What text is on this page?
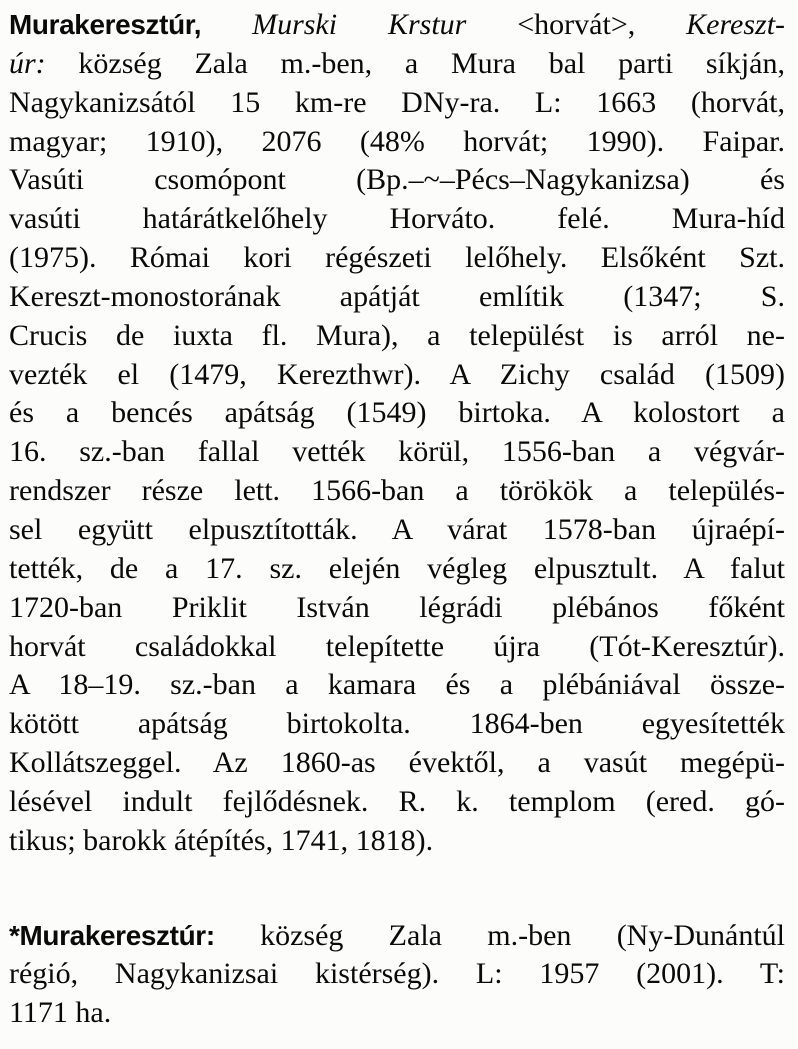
Murakeresztúr, Murski Krstur <horvát>, Kereszt-
úr: község Zala m.-ben, a Mura bal parti síkján,
Nagykanizsától 15 km-re DNy-ra. L: 1663 (horvát,
magyar; 1910), 2076 (48% horvát; 1990). Faipar.
Vasúti csomópont (Bp.–~–Pécs–Nagykanizsa) és
vasúti határátkelőhely Horváto. felé. Mura-híd
(1975). Római kori régészeti lelőhely. Elsőként Szt.
Kereszt-monostorának apátját említik (1347; S.
Crucis de iuxta fl. Mura), a települést is arról ne-
vezték el (1479, Kerezthwr). A Zichy család (1509)
és a bencés apátság (1549) birtoka. A kolostort a
16. sz.-ban fallal vették körül, 1556-ban a végvár-
rendszer része lett. 1566-ban a törökök a település-
sel együtt elpusztították. A várat 1578-ban újraépí-
tették, de a 17. sz. elején végleg elpusztult. A falut
1720-ban Priklit István légrádi plébános főként
horvát családokkal telepítette újra (Tót-Keresztúr).
A 18–19. sz.-ban a kamara és a plébániával össze-
kötött apátság birtokolta. 1864-ben egyesítették
Kollátszeggel. Az 1860-as évektől, a vasút megépü-
lésével indult fejlődésnek. R. k. templom (ered. gó-
tikus; barokk átépítés, 1741, 1818).
*Murakeresztúr: község Zala m.-ben (Ny-Dunántúl
régió, Nagykanizsai kistérség). L: 1957 (2001). T:
1171 ha.
